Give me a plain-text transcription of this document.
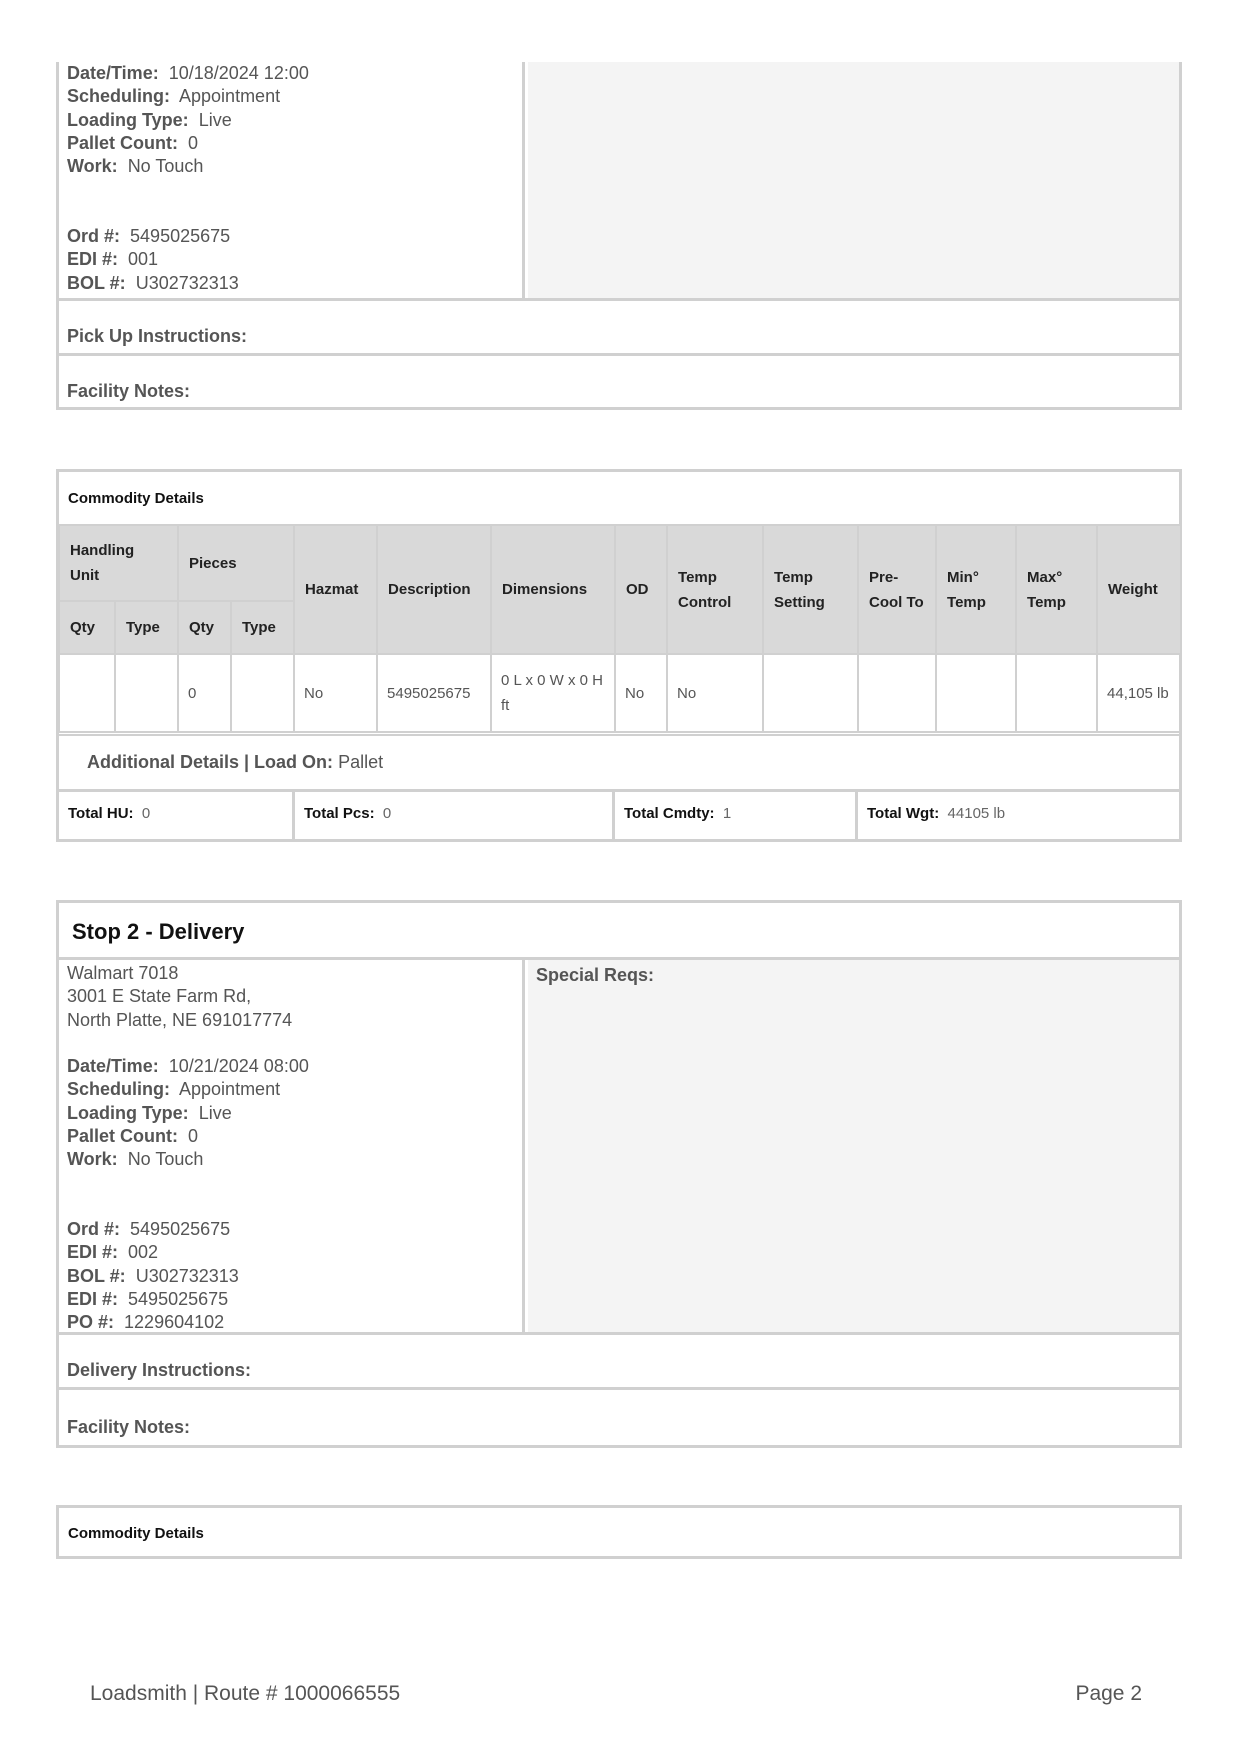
Date/Time: 10/18/2024 12:00
Scheduling: Appointment
Loading Type: Live
Pallet Count: 0
Work: No Touch
Ord #: 5495025675
EDI #: 001
BOL #: U302732313
Pick Up Instructions:
Facility Notes:
Commodity Details
Handling Unit		Pieces		Hazmat	Description	Dimensions	OD	Temp Control	Temp Setting	Pre-Cool To	Min° Temp	Max° Temp	Weight
Qty	Type	Qty	Type										
		0		No	5495025675	0 L x 0 W x 0 H ft	No	No					44,105 lb
Additional Details | Load On: Pallet
Total HU: 0	Total Pcs: 0	Total Cmdty: 1	Total Wgt: 44105 lb
Stop 2 - Delivery
Walmart 7018
3001 E State Farm Rd,
North Platte, NE 691017774
Date/Time: 10/21/2024 08:00
Scheduling: Appointment
Loading Type: Live
Pallet Count: 0
Work: No Touch
Ord #: 5495025675
EDI #: 002
BOL #: U302732313
EDI #: 5495025675
PO #: 1229604102
Special Reqs:
Delivery Instructions:
Facility Notes:
Commodity Details
Loadsmith | Route # 1000066555	Page 2
